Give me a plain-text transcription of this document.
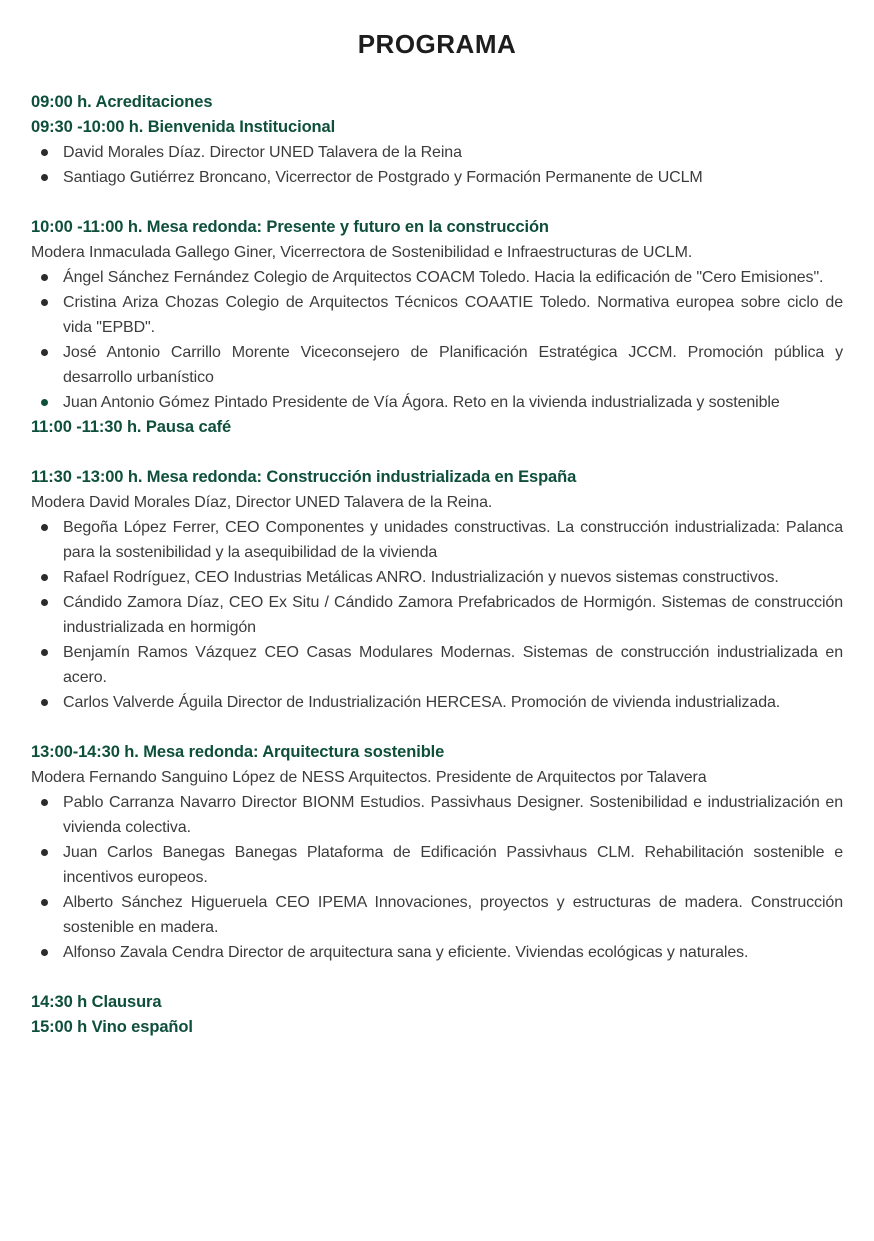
PROGRAMA
09:00 h. Acreditaciones
09:30 -10:00 h. Bienvenida Institucional
David Morales Díaz. Director UNED Talavera de la Reina
Santiago Gutiérrez Broncano, Vicerrector de Postgrado y Formación Permanente de UCLM
10:00 -11:00 h. Mesa redonda: Presente y futuro en la construcción

Modera Inmaculada Gallego Giner, Vicerrectora de Sostenibilidad e Infraestructuras de UCLM.

Ángel Sánchez Fernández Colegio de Arquitectos COACM Toledo. Hacia la edificación de "Cero Emisiones".
Cristina Ariza Chozas Colegio de Arquitectos Técnicos COAATIE Toledo. Normativa europea sobre ciclo de vida "EPBD".
José Antonio Carrillo Morente Viceconsejero de Planificación Estratégica JCCM. Promoción pública y desarrollo urbanístico
Juan Antonio Gómez Pintado Presidente de Vía Ágora. Reto en la vivienda industrializada y sostenible
11:00 -11:30 h. Pausa café
11:30 -13:00 h. Mesa redonda: Construcción industrializada en España

Modera David Morales Díaz, Director UNED Talavera de la Reina.

Begoña López Ferrer, CEO Componentes y unidades constructivas. La construcción industrializada: Palanca para la sostenibilidad y la asequibilidad de la vivienda
Rafael Rodríguez, CEO Industrias Metálicas ANRO. Industrialización y nuevos sistemas constructivos.
Cándido Zamora Díaz, CEO Ex Situ / Cándido Zamora Prefabricados de Hormigón. Sistemas de construcción industrializada en hormigón
Benjamín Ramos Vázquez CEO Casas Modulares Modernas. Sistemas de construcción industrializada en acero.
Carlos Valverde Águila Director de Industrialización HERCESA. Promoción de vivienda industrializada.
13:00-14:30 h. Mesa redonda: Arquitectura sostenible

Modera Fernando Sanguino López de NESS Arquitectos. Presidente de Arquitectos por Talavera

Pablo Carranza Navarro Director BIONM Estudios. Passivhaus Designer. Sostenibilidad e industrialización en vivienda colectiva.
Juan Carlos Banegas Banegas Plataforma de Edificación Passivhaus CLM. Rehabilitación sostenible e incentivos europeos.
Alberto Sánchez Higueruela CEO IPEMA Innovaciones, proyectos y estructuras de madera. Construcción sostenible en madera.
Alfonso Zavala Cendra Director de arquitectura sana y eficiente. Viviendas ecológicas y naturales.
14:30 h Clausura
15:00 h Vino español
